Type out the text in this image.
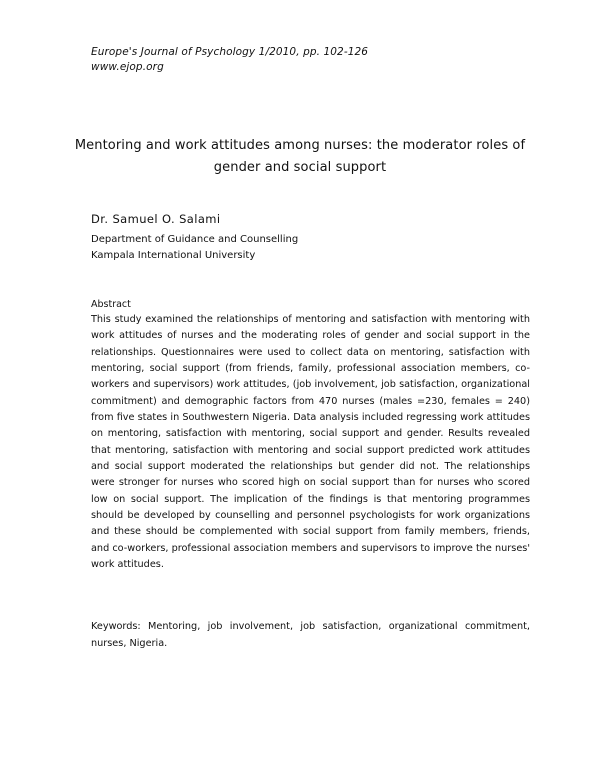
Europe's Journal of Psychology 1/2010, pp. 102-126
www.ejop.org
Mentoring and work attitudes among nurses: the moderator roles of gender and social support
Dr. Samuel O. Salami
Department of Guidance and Counselling
Kampala International University
Abstract

This study examined the relationships of mentoring and satisfaction with mentoring with work attitudes of nurses and the moderating roles of gender and social support in the relationships. Questionnaires were used to collect data on mentoring, satisfaction with mentoring, social support (from friends, family, professional association members, co-workers and supervisors) work attitudes, (job involvement, job satisfaction, organizational commitment) and demographic factors from 470 nurses (males =230, females = 240) from five states in Southwestern Nigeria. Data analysis included regressing work attitudes on mentoring, satisfaction with mentoring, social support and gender. Results revealed that mentoring, satisfaction with mentoring and social support predicted work attitudes and social support moderated the relationships but gender did not. The relationships were stronger for nurses who scored high on social support than for nurses who scored low on social support. The implication of the findings is that mentoring programmes should be developed by counselling and personnel psychologists for work organizations and these should be complemented with social support from family members, friends, and co-workers, professional association members and supervisors to improve the nurses' work attitudes.

Keywords: Mentoring, job involvement, job satisfaction, organizational commitment, nurses, Nigeria.
